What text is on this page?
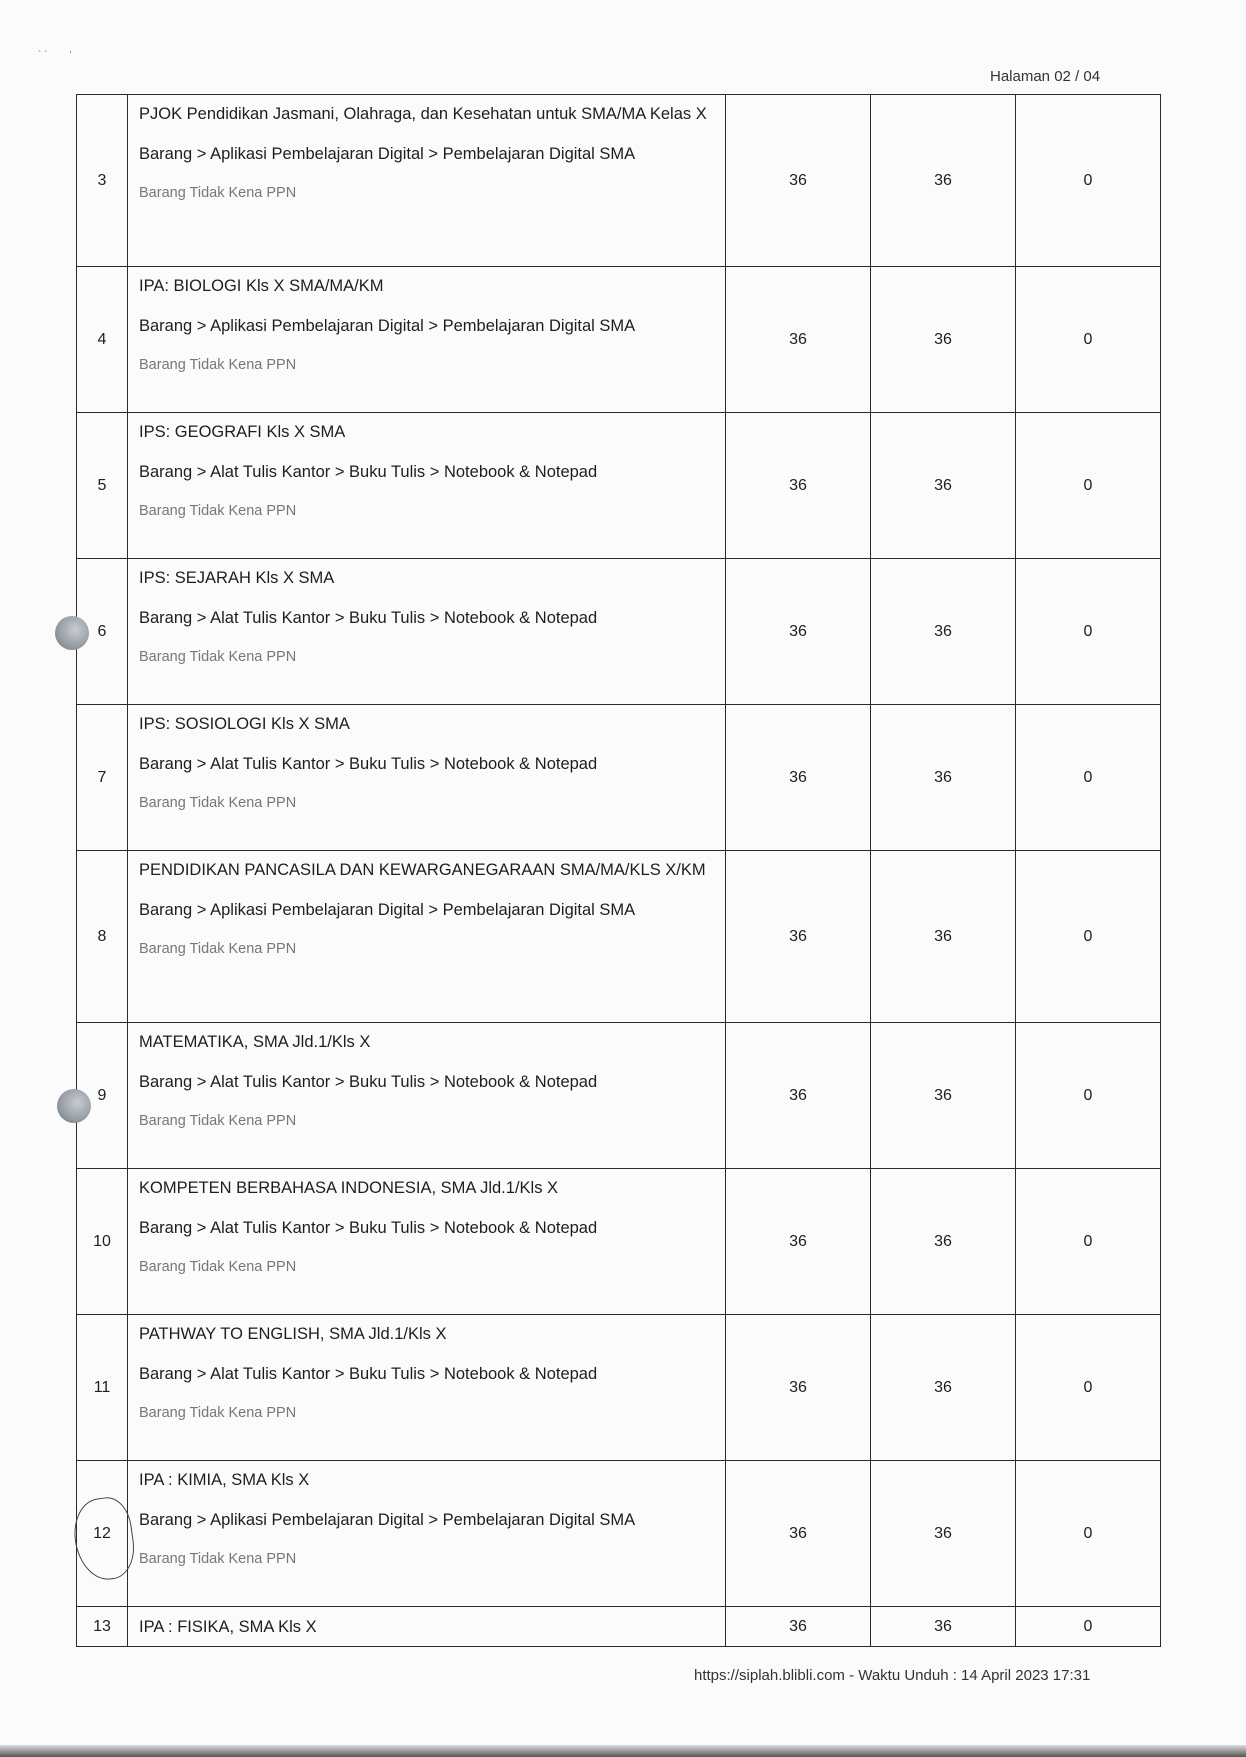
` `        '
Halaman 02 / 04
3	PJOK Pendidikan Jasmani, Olahraga, dan Kesehatan untuk SMA/MA Kelas X

Barang > Aplikasi Pembelajaran Digital > Pembelajaran Digital SMA

Barang Tidak Kena PPN	36	36	0
4	IPA: BIOLOGI Kls X SMA/MA/KM

Barang > Aplikasi Pembelajaran Digital > Pembelajaran Digital SMA

Barang Tidak Kena PPN	36	36	0
5	IPS: GEOGRAFI Kls X SMA

Barang > Alat Tulis Kantor > Buku Tulis > Notebook & Notepad

Barang Tidak Kena PPN	36	36	0
6	IPS: SEJARAH Kls X SMA

Barang > Alat Tulis Kantor > Buku Tulis > Notebook & Notepad

Barang Tidak Kena PPN	36	36	0
7	IPS: SOSIOLOGI Kls X SMA

Barang > Alat Tulis Kantor > Buku Tulis > Notebook & Notepad

Barang Tidak Kena PPN	36	36	0
8	PENDIDIKAN PANCASILA DAN KEWARGANEGARAAN SMA/MA/KLS X/KM

Barang > Aplikasi Pembelajaran Digital > Pembelajaran Digital SMA

Barang Tidak Kena PPN	36	36	0
9	MATEMATIKA, SMA Jld.1/Kls X

Barang > Alat Tulis Kantor > Buku Tulis > Notebook & Notepad

Barang Tidak Kena PPN	36	36	0
10	KOMPETEN BERBAHASA INDONESIA, SMA Jld.1/Kls X

Barang > Alat Tulis Kantor > Buku Tulis > Notebook & Notepad

Barang Tidak Kena PPN	36	36	0
11	PATHWAY TO ENGLISH, SMA Jld.1/Kls X

Barang > Alat Tulis Kantor > Buku Tulis > Notebook & Notepad

Barang Tidak Kena PPN	36	36	0
12	IPA : KIMIA, SMA Kls X

Barang > Aplikasi Pembelajaran Digital > Pembelajaran Digital SMA

Barang Tidak Kena PPN	36	36	0
13	IPA : FISIKA, SMA Kls X	36	36	0
https://siplah.blibli.com - Waktu Unduh : 14 April 2023 17:31
